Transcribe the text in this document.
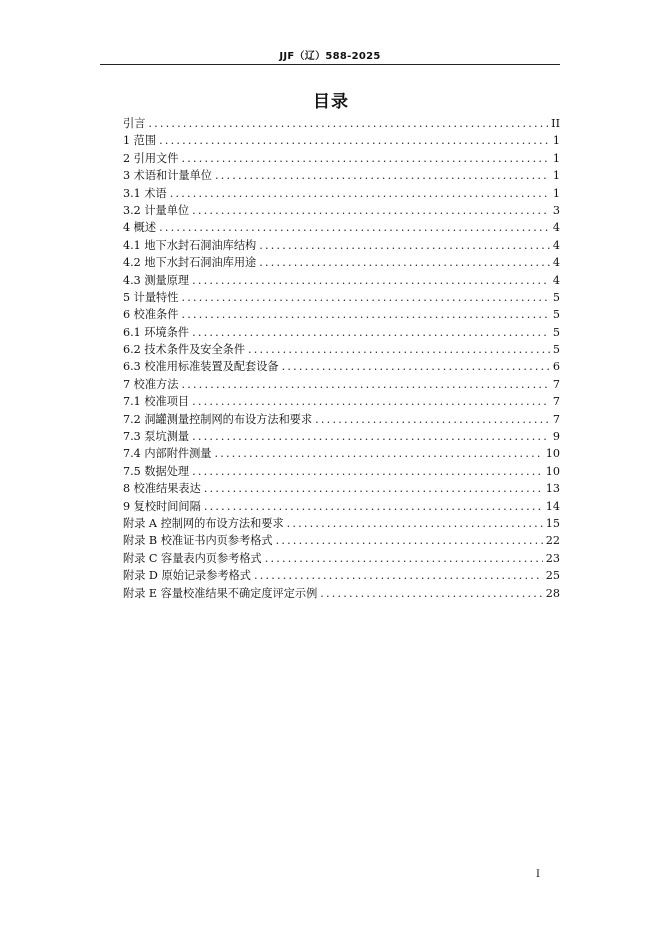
JJF（辽）588-2025
目录
引言 .....	II
1 范围 .....	1
2 引用文件 .....	1
3 术语和计量单位 .....	1
3.1 术语 .....	1
3.2 计量单位 .....	3
4 概述 .....	4
4.1 地下水封石洞油库结构 .....	4
4.2 地下水封石洞油库用途 .....	4
4.3 测量原理 .....	4
5 计量特性 .....	5
6 校准条件 .....	5
6.1 环境条件 .....	5
6.2 技术条件及安全条件 .....	5
6.3 校准用标准装置及配套设备 .....	6
7 校准方法 .....	7
7.1 校准项目 .....	7
7.2 洞罐测量控制网的布设方法和要求 .....	7
7.3 泵坑测量 .....	9
7.4 内部附件测量 .....	10
7.5 数据处理 .....	10
8 校准结果表达 .....	13
9 复校时间间隔 .....	14
附录 A 控制网的布设方法和要求 .....	15
附录 B 校准证书内页参考格式 .....	22
附录 C 容量表内页参考格式 .....	23
附录 D 原始记录参考格式 .....	25
附录 E 容量校准结果不确定度评定示例 .....	28
I
